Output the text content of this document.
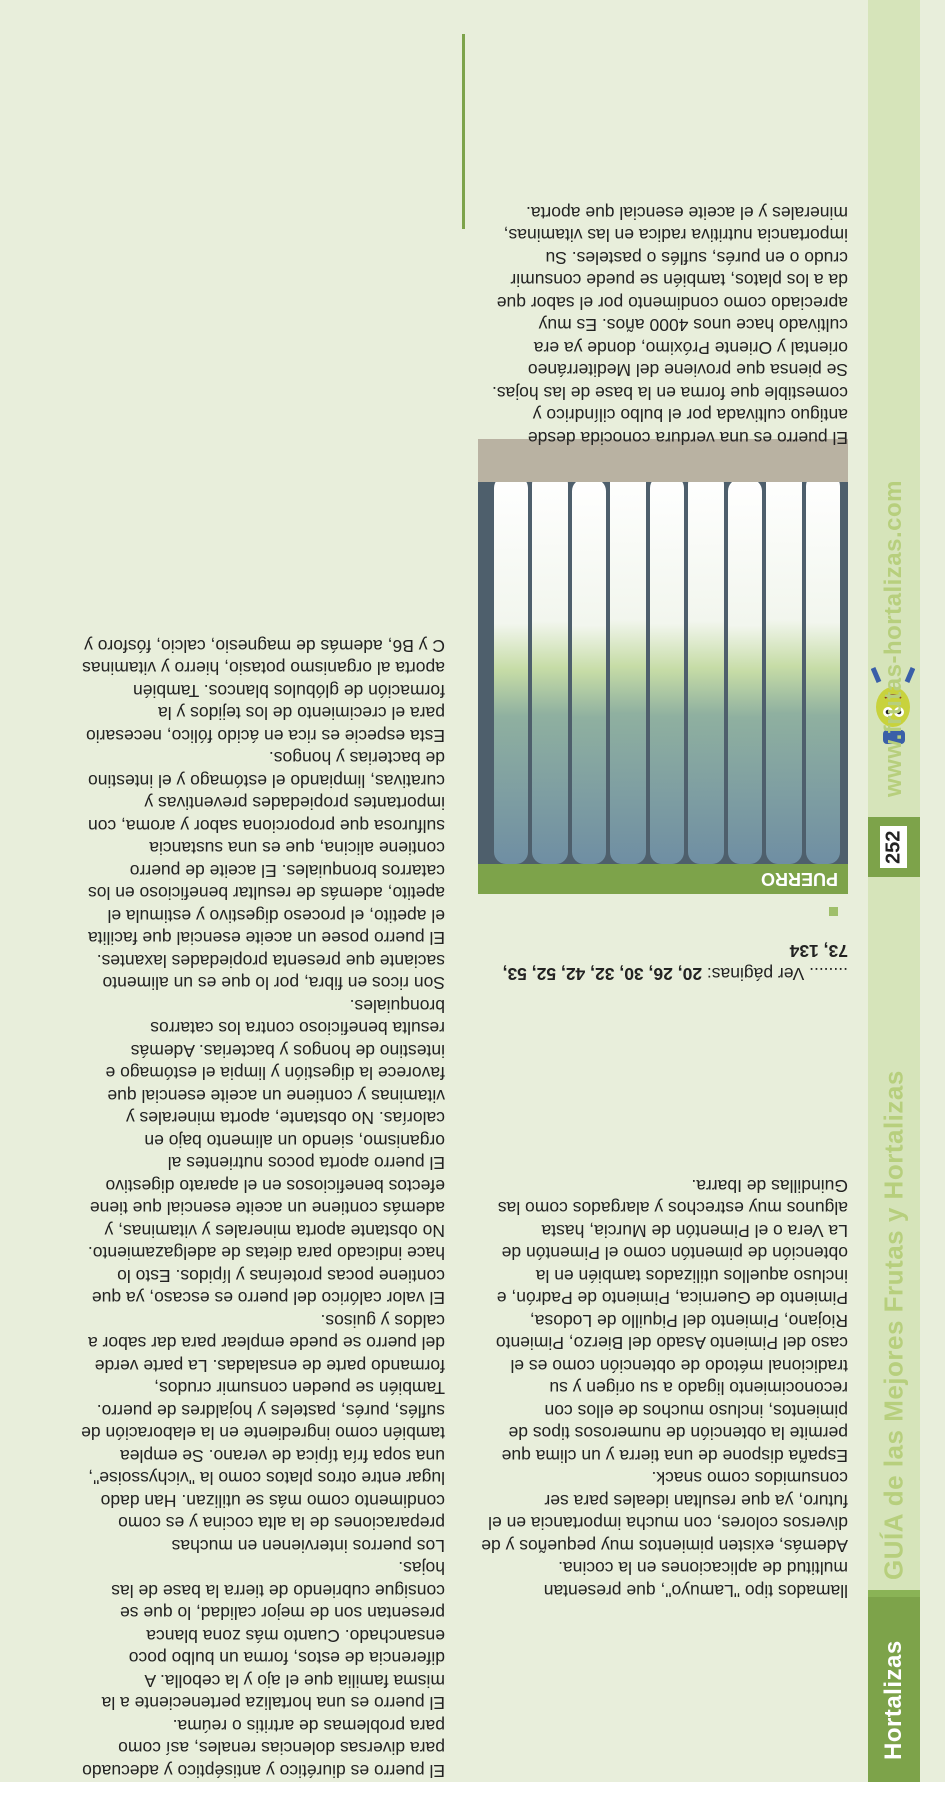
Hortalizas
GUÍA de las Mejores Frutas y Hortalizas
252
www.frutas-hortalizas.com

llamados tipo "Lamuyo", que presentan multitud de aplicaciones en la cocina.

Además, existen pimientos muy pequeños y de diversos colores, con mucha importancia en el futuro, ya que resultan ideales para ser consumidos como snack.

España dispone de una tierra y un clima que permite la obtención de numerosos tipos de pimientos, incluso muchos de ellos con reconocimiento ligado a su origen y su tradicional método de obtención como es el caso del Pimiento Asado del Bierzo, Pimiento Riojano, Pimiento del Piquillo de Lodosa, Pimiento de Guernica, Pimiento de Padrón, e incluso aquellos utilizados también en la obtención de pimentón como el Pimentón de La Vera o el Pimentón de Murcia, hasta algunos muy estrechos y alargados como las Guindillas de Ibarra.

........ Ver páginas: 20, 26, 30, 32, 42, 52, 53, 73, 134
PUERRO

El puerro es una verdura conocida desde antiguo cultivada por el bulbo cilíndrico y comestible que forma en la base de las hojas. Se piensa que proviene del Mediterráneo oriental y Oriente Próximo, donde ya era cultivado hace unos 4000 años. Es muy apreciado como condimento por el sabor que da a los platos, también se puede consumir crudo o en purés, suflés o pasteles. Su importancia nutritiva radica en las vitaminas, minerales y el aceite esencial que aporta.

El puerro es diurético y antiséptico y adecuado para diversas dolencias renales, así como para problemas de artritis o reúma.

El puerro es una hortaliza perteneciente a la misma familia que el ajo y la cebolla. A diferencia de estos, forma un bulbo poco ensanchado. Cuanto más zona blanca presentan son de mejor calidad, lo que se consigue cubriendo de tierra la base de las hojas.

Los puerros intervienen en muchas preparaciones de la alta cocina y es como condimento como más se utilizan. Han dado lugar entre otros platos como la "vichyssoise", una sopa fría típica de verano. Se emplea también como ingrediente en la elaboración de suflés, purés, pasteles y hojaldres de puerro. También se pueden consumir crudos, formando parte de ensaladas. La parte verde del puerro se puede emplear para dar sabor a caldos y guisos.

El valor calórico del puerro es escaso, ya que contiene pocas proteínas y lípidos. Esto lo hace indicado para dietas de adelgazamiento. No obstante aporta minerales y vitaminas, y además contiene un aceite esencial que tiene efectos beneficiosos en el aparato digestivo

El puerro aporta pocos nutrientes al organismo, siendo un alimento bajo en calorías. No obstante, aporta minerales y vitaminas y contiene un aceite esencial que favorece la digestión y limpia el estómago e intestino de hongos y bacterias. Además resulta beneficioso contra los catarros bronquiales.

Son ricos en fibra, por lo que es un alimento saciante que presenta propiedades laxantes. El puerro posee un aceite esencial que facilita el apetito, el proceso digestivo y estimula el apetito, además de resultar beneficioso en los catarros bronquiales. El aceite de puerro contiene alicina, que es una sustancia sulfurosa que proporciona sabor y aroma, con importantes propiedades preventivas y curativas, limpiando el estómago y el intestino de bacterias y hongos.

Esta especie es rica en ácido fólico, necesario para el crecimiento de los tejidos y la formación de glóbulos blancos. También aporta al organismo potasio, hierro y vitaminas C y B6, además de magnesio, calcio, fósforo y
